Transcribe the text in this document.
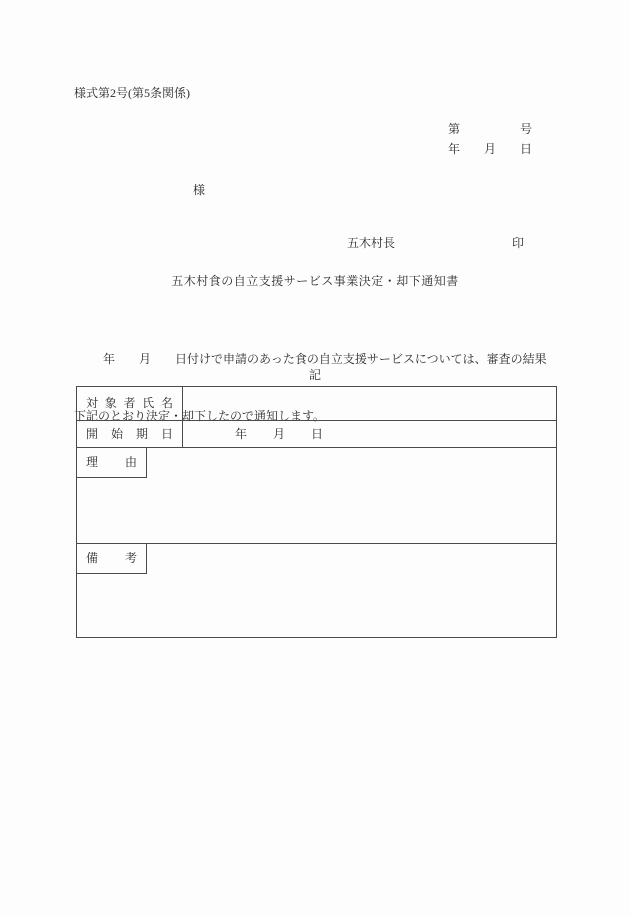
様式第2号(第5条関係)
第	号
年 月 日
様
五木村長	印
五木村食の自立支援サービス事業決定・却下通知書

年　　月　　日付けで申請のあった食の自立支援サービスについては、審査の結果

下記のとおり決定・却下したので通知します。

記
対象者氏名
開始期日	年 月 日
理由
備考
